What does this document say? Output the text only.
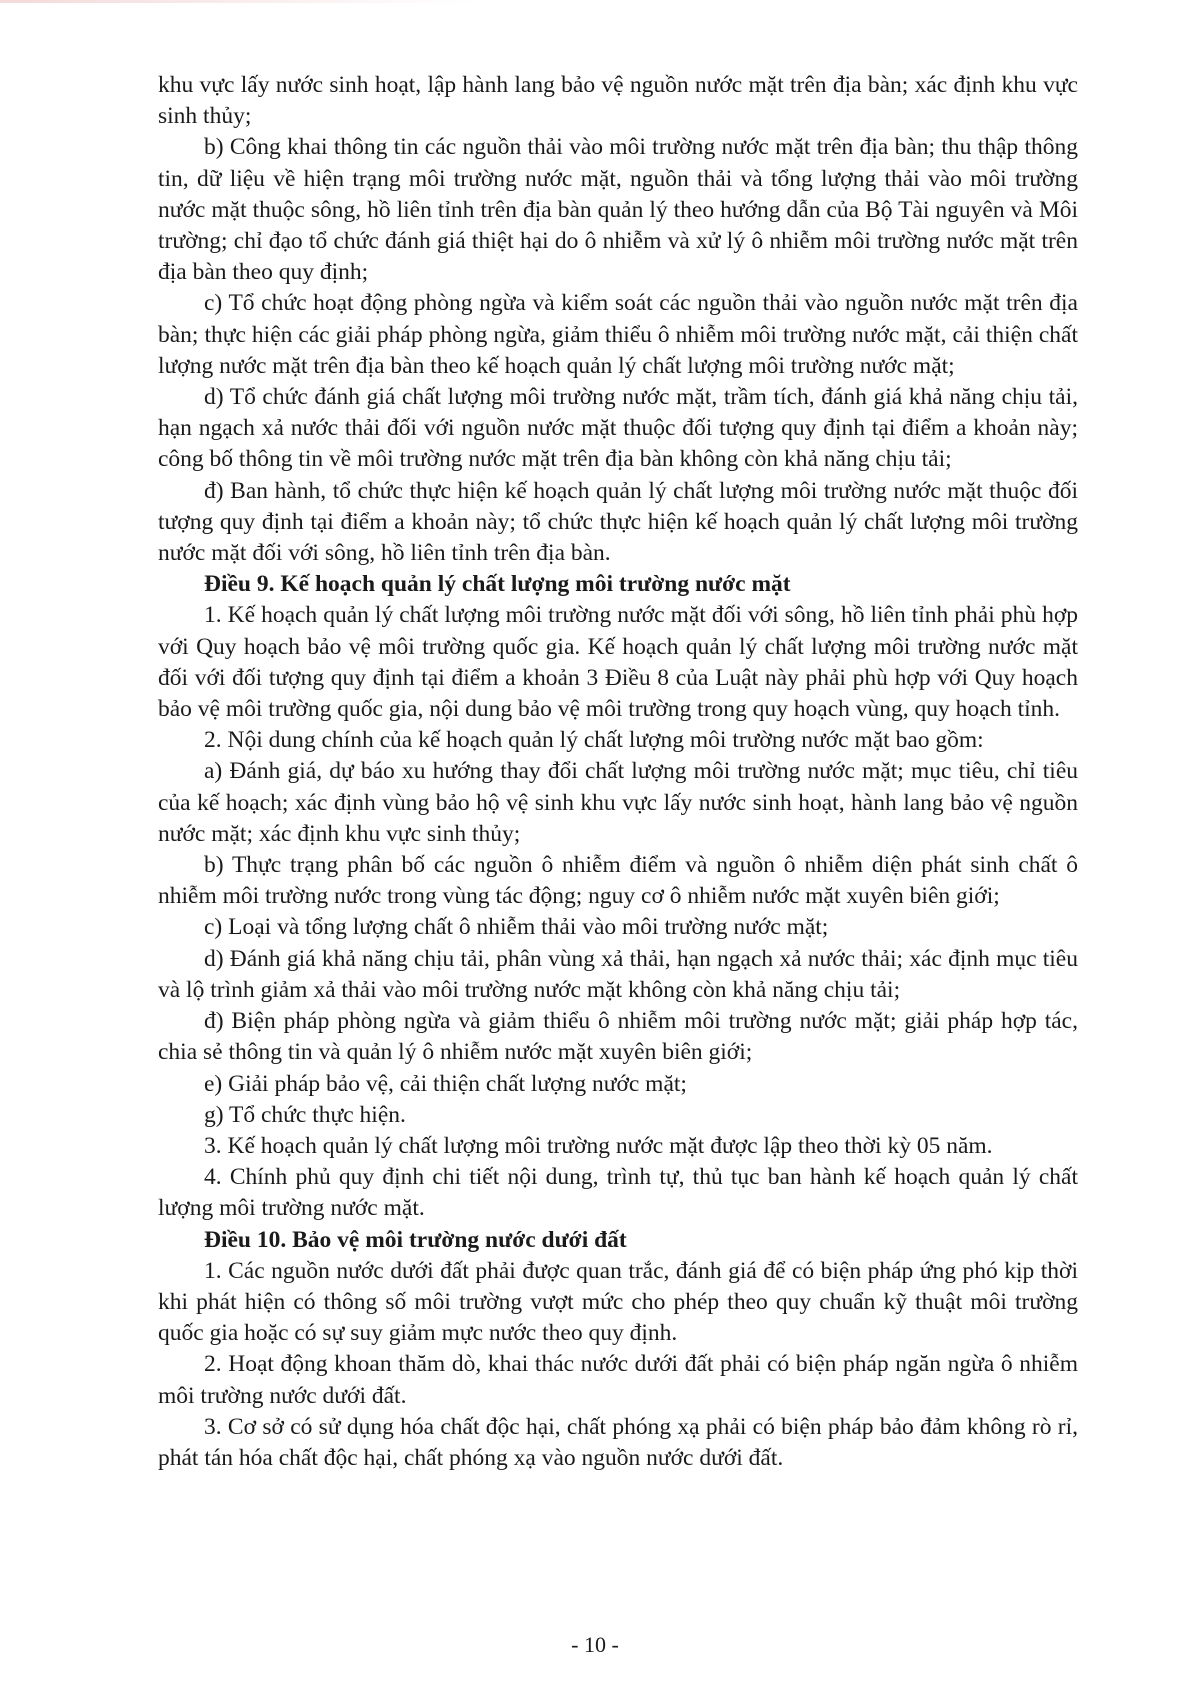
khu vực lấy nước sinh hoạt, lập hành lang bảo vệ nguồn nước mặt trên địa bàn; xác định khu vực sinh thủy;

b) Công khai thông tin các nguồn thải vào môi trường nước mặt trên địa bàn; thu thập thông tin, dữ liệu về hiện trạng môi trường nước mặt, nguồn thải và tổng lượng thải vào môi trường nước mặt thuộc sông, hồ liên tỉnh trên địa bàn quản lý theo hướng dẫn của Bộ Tài nguyên và Môi trường; chỉ đạo tổ chức đánh giá thiệt hại do ô nhiễm và xử lý ô nhiễm môi trường nước mặt trên địa bàn theo quy định;

c) Tổ chức hoạt động phòng ngừa và kiểm soát các nguồn thải vào nguồn nước mặt trên địa bàn; thực hiện các giải pháp phòng ngừa, giảm thiểu ô nhiễm môi trường nước mặt, cải thiện chất lượng nước mặt trên địa bàn theo kế hoạch quản lý chất lượng môi trường nước mặt;

d) Tổ chức đánh giá chất lượng môi trường nước mặt, trầm tích, đánh giá khả năng chịu tải, hạn ngạch xả nước thải đối với nguồn nước mặt thuộc đối tượng quy định tại điểm a khoản này; công bố thông tin về môi trường nước mặt trên địa bàn không còn khả năng chịu tải;

đ) Ban hành, tổ chức thực hiện kế hoạch quản lý chất lượng môi trường nước mặt thuộc đối tượng quy định tại điểm a khoản này; tổ chức thực hiện kế hoạch quản lý chất lượng môi trường nước mặt đối với sông, hồ liên tỉnh trên địa bàn.

Điều 9. Kế hoạch quản lý chất lượng môi trường nước mặt

1. Kế hoạch quản lý chất lượng môi trường nước mặt đối với sông, hồ liên tỉnh phải phù hợp với Quy hoạch bảo vệ môi trường quốc gia. Kế hoạch quản lý chất lượng môi trường nước mặt đối với đối tượng quy định tại điểm a khoản 3 Điều 8 của Luật này phải phù hợp với Quy hoạch bảo vệ môi trường quốc gia, nội dung bảo vệ môi trường trong quy hoạch vùng, quy hoạch tỉnh.

2. Nội dung chính của kế hoạch quản lý chất lượng môi trường nước mặt bao gồm:

a) Đánh giá, dự báo xu hướng thay đổi chất lượng môi trường nước mặt; mục tiêu, chỉ tiêu của kế hoạch; xác định vùng bảo hộ vệ sinh khu vực lấy nước sinh hoạt, hành lang bảo vệ nguồn nước mặt; xác định khu vực sinh thủy;

b) Thực trạng phân bố các nguồn ô nhiễm điểm và nguồn ô nhiễm diện phát sinh chất ô nhiễm môi trường nước trong vùng tác động; nguy cơ ô nhiễm nước mặt xuyên biên giới;

c) Loại và tổng lượng chất ô nhiễm thải vào môi trường nước mặt;

d) Đánh giá khả năng chịu tải, phân vùng xả thải, hạn ngạch xả nước thải; xác định mục tiêu và lộ trình giảm xả thải vào môi trường nước mặt không còn khả năng chịu tải;

đ) Biện pháp phòng ngừa và giảm thiểu ô nhiễm môi trường nước mặt; giải pháp hợp tác, chia sẻ thông tin và quản lý ô nhiễm nước mặt xuyên biên giới;

e) Giải pháp bảo vệ, cải thiện chất lượng nước mặt;

g) Tổ chức thực hiện.

3. Kế hoạch quản lý chất lượng môi trường nước mặt được lập theo thời kỳ 05 năm.

4. Chính phủ quy định chi tiết nội dung, trình tự, thủ tục ban hành kế hoạch quản lý chất lượng môi trường nước mặt.

Điều 10. Bảo vệ môi trường nước dưới đất

1. Các nguồn nước dưới đất phải được quan trắc, đánh giá để có biện pháp ứng phó kịp thời khi phát hiện có thông số môi trường vượt mức cho phép theo quy chuẩn kỹ thuật môi trường quốc gia hoặc có sự suy giảm mực nước theo quy định.

2. Hoạt động khoan thăm dò, khai thác nước dưới đất phải có biện pháp ngăn ngừa ô nhiễm môi trường nước dưới đất.

3. Cơ sở có sử dụng hóa chất độc hại, chất phóng xạ phải có biện pháp bảo đảm không rò rỉ, phát tán hóa chất độc hại, chất phóng xạ vào nguồn nước dưới đất.

- 10 -
